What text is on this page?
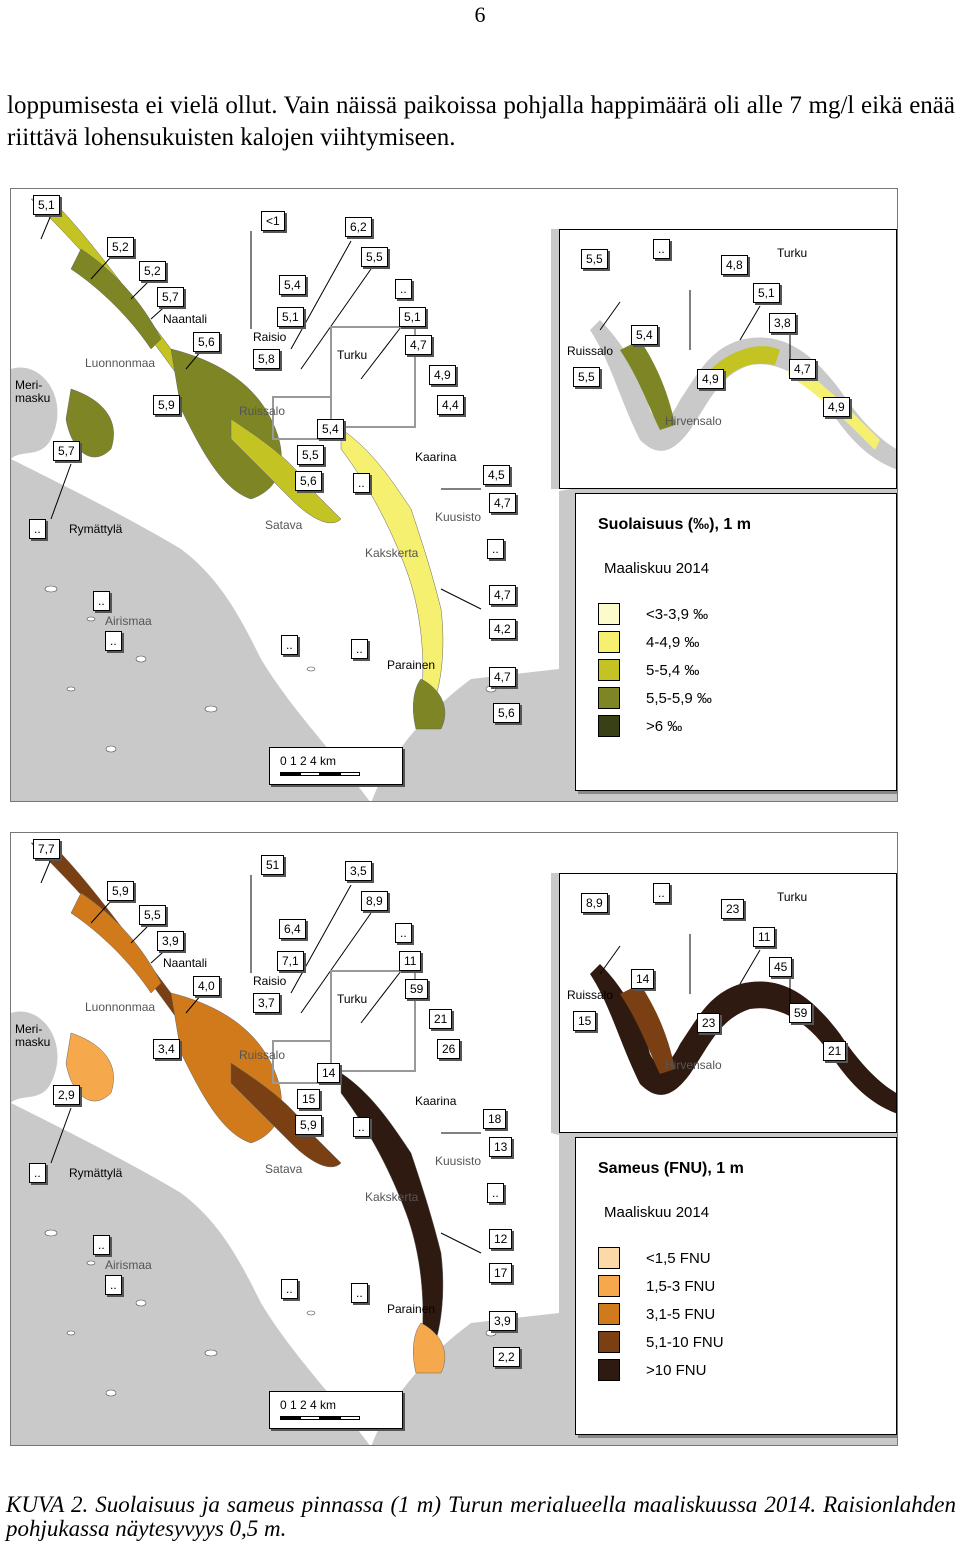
6
loppumisesta ei vielä ollut. Vain näissä paikoissa pohjalla happimäärä oli alle 7 mg/l eikä enää riittävä lohensukuisten kalojen viihtymiseen.
5,1
5,2
5,2
5,7
5,6
5,9
5,7
<1	6,2
5,5
5,4	..
5,1	5,1
4,7
5,8
4,9
4,4
5,4
5,5
5,6	..
4,5
4,7
..
..
..
..	..	..
4,7
4,2
4,7
5,6
5,5
..
4,8
5,1
3,8
5,4
5,5	4,9
4,7
4,9
Meri-
masku
Luonnonmaa
Naantali
Raisio
Ruissalo
Turku
Kaarina
Kuusisto
Rymättylä	Satava
Kakskerta
Airismaa
Parainen
Turku
Ruissalo
Hirvensalo
0 1 2 4 km
Suolaisuus (‰), 1 m
Maaliskuu 2014
<3-3,9 ‰
4-4,9 ‰
5-5,4 ‰
5,5-5,9 ‰
>6 ‰
7,7
5,9
5,5
3,9
4,0
3,4
2,9
51	3,5
8,9
6,4	..
7,1	11
59
3,7
21
26
14
15
5,9	..
18
13
..
..
..
..	..	..
12
17
3,9
2,2
8,9
..
23
11
45
14
15	23
59
21
Meri-
masku
Luonnonmaa
Naantali
Raisio
Ruissalo
Turku
Kaarina
Kuusisto
Rymättylä	Satava
Kakskerta
Airismaa
Parainen
Turku
Ruissalo
Hirvensalo
0 1 2 4 km
Sameus (FNU), 1 m
Maaliskuu 2014
<1,5 FNU
1,5-3 FNU
3,1-5 FNU
5,1-10 FNU
>10 FNU
KUVA 2. Suolaisuus ja sameus pinnassa (1 m) Turun merialueella maaliskuussa 2014. Raisionlahden pohjukassa näytesyvyys 0,5 m.
